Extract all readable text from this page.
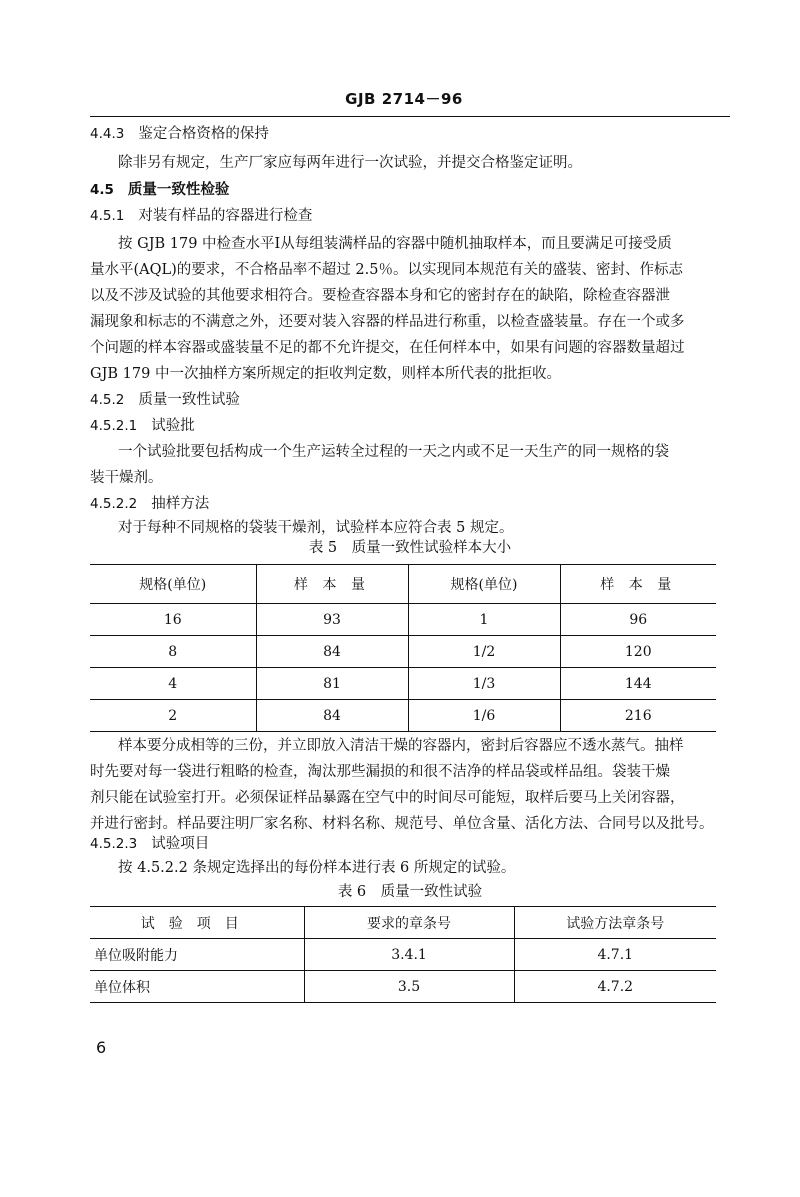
GJB 2714－96
4.4.3 鉴定合格资格的保持
除非另有规定，生产厂家应每两年进行一次试验，并提交合格鉴定证明。
4.5 质量一致性检验
4.5.1 对装有样品的容器进行检查
按 GJB 179 中检查水平Ⅰ从每组装满样品的容器中随机抽取样本，而且要满足可接受质
量水平(AQL)的要求，不合格品率不超过 2.5％。以实现同本规范有关的盛装、密封、作标志
以及不涉及试验的其他要求相符合。要检查容器本身和它的密封存在的缺陷，除检查容器泄
漏现象和标志的不满意之外，还要对装入容器的样品进行称重，以检查盛装量。存在一个或多
个问题的样本容器或盛装量不足的都不允许提交，在任何样本中，如果有问题的容器数量超过
GJB 179 中一次抽样方案所规定的拒收判定数，则样本所代表的批拒收。
4.5.2 质量一致性试验
4.5.2.1 试验批
一个试验批要包括构成一个生产运转全过程的一天之内或不足一天生产的同一规格的袋
装干燥剂。
4.5.2.2 抽样方法
对于每种不同规格的袋装干燥剂，试验样本应符合表 5 规定。
表 5　质量一致性试验样本大小
规格(单位)	样 本 量	规格(单位)	样 本 量
16	93	1	96
8	84	1/2	120
4	81	1/3	144
2	84	1/6	216
样本要分成相等的三份，并立即放入清洁干燥的容器内，密封后容器应不透水蒸气。抽样
时先要对每一袋进行粗略的检查，淘汰那些漏损的和很不洁净的样品袋或样品组。袋装干燥
剂只能在试验室打开。必须保证样品暴露在空气中的时间尽可能短，取样后要马上关闭容器，
并进行密封。样品要注明厂家名称、材料名称、规范号、单位含量、活化方法、合同号以及批号。
4.5.2.3 试验项目
按 4.5.2.2 条规定选择出的每份样本进行表 6 所规定的试验。
表 6　质量一致性试验
试验项目	要求的章条号	试验方法章条号
单位吸附能力	3.4.1	4.7.1
单位体积	3.5	4.7.2
6
